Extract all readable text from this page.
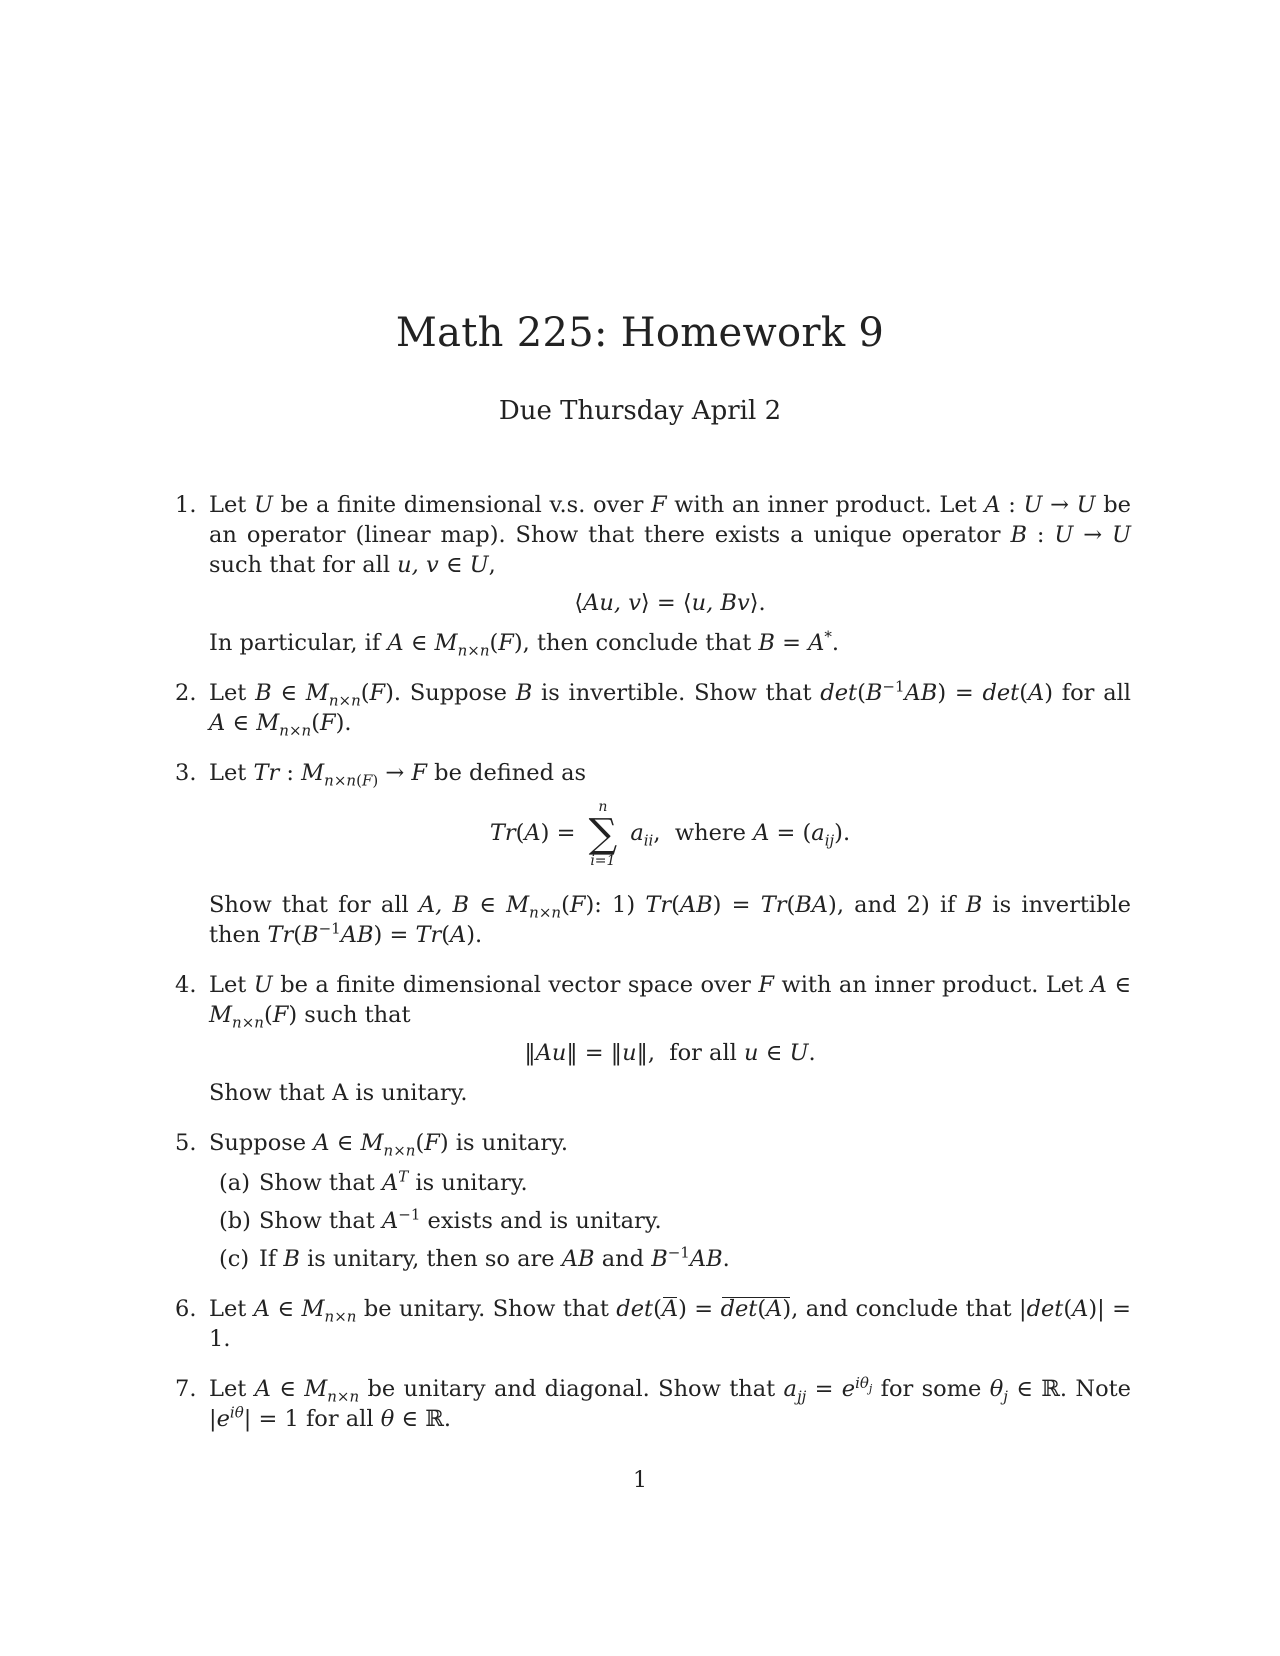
Math 225: Homework 9
Due Thursday April 2
1. Let U be a finite dimensional v.s. over F with an inner product. Let A : U → U be an operator (linear map). Show that there exists a unique operator B : U → U such that for all u, v ∈ U,
⟨Au, v⟩ = ⟨u, Bv⟩.
In particular, if A ∈ $M_{n\times n}(F)$, then conclude that B = A*.
2. Let B ∈ $M_{n\times n}(F)$. Suppose B is invertible. Show that $\det(B^{-1}AB) = \det(A)$ for all A ∈ $M_{n\times n}(F)$.
3. Let Tr : $M_{n\times n(F)} \to F$ be defined as
Tr(A) =
n
∑
i=1
$a_{ii}$,  where $A = (a_{ij})$.
Show that for all A, B ∈ $M_{n\times n}(F)$: 1) Tr(AB) = Tr(BA), and 2) if B is invertible then $Tr(B^{-1}AB) = Tr(A)$.
4. Let U be a finite dimensional vector space over F with an inner product. Let A ∈ $M_{n\times n}(F)$ such that
‖Au‖ = ‖u‖,  for all u ∈ U.
Show that A is unitary.
5. Suppose A ∈ $M_{n\times n}(F)$ is unitary.
(a) Show that $A^T$ is unitary.
(b) Show that $A^{-1}$ exists and is unitary.
(c) If B is unitary, then so are AB and $B^{-1}AB$.
6. Let A ∈ $M_{n\times n}$ be unitary. Show that det(A) = det(A), and conclude that |det(A)| = 1.
7. Let A ∈ $M_{n\times n}$ be unitary and diagonal. Show that $a_{jj} = e^{i\theta_j}$ for some $\theta_j$ ∈ ℝ. Note $|e^{i\theta}| = 1$ for all θ ∈ ℝ.
1
